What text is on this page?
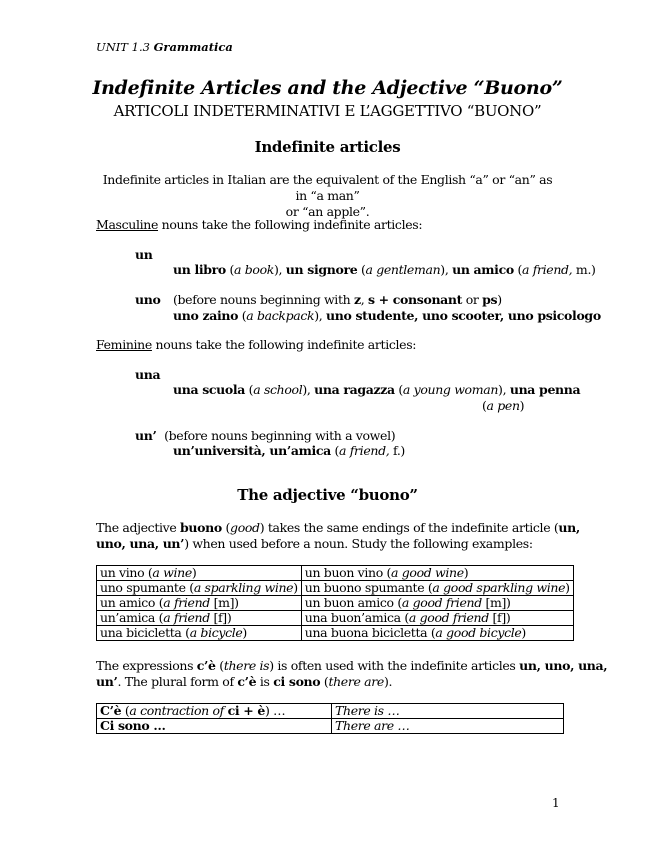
UNIT 1.3 Grammatica
Indefinite Articles and the Adjective “Buono”
ARTICOLI INDETERMINATIVI E L’AGGETTIVO “BUONO”
Indefinite articles
Indefinite articles in Italian are the equivalent of the English “a” or “an” as in “a man”
or “an apple”.
Masculine nouns take the following indefinite articles:
un
un libro (a book), un signore (a gentleman), un amico (a friend, m.)
uno (before nouns beginning with z, s + consonant or ps)
uno zaino (a backpack), uno studente, uno scooter, uno psicologo
Feminine nouns take the following indefinite articles:
una
una scuola (a school), una ragazza (a young woman), una penna
(a pen)
un’ (before nouns beginning with a vowel)
un’università, un’amica (a friend, f.)
The adjective “buono”
The adjective buono (good) takes the same endings of the indefinite article (un,
uno, una, un’) when used before a noun. Study the following examples:
un vino (a wine)	un buon vino (a good wine)
uno spumante (a sparkling wine)	un buono spumante (a good sparkling wine)
un amico (a friend [m])	un buon amico (a good friend [m])
un’amica (a friend [f])	una buon’amica (a good friend [f])
una bicicletta (a bicycle)	una buona bicicletta (a good bicycle)
The expressions c’è (there is) is often used with the indefinite articles un, uno, una,
un’. The plural form of c’è is ci sono (there are).
C’è (a contraction of ci + è) …	There is …
Ci sono …	There are …
1
